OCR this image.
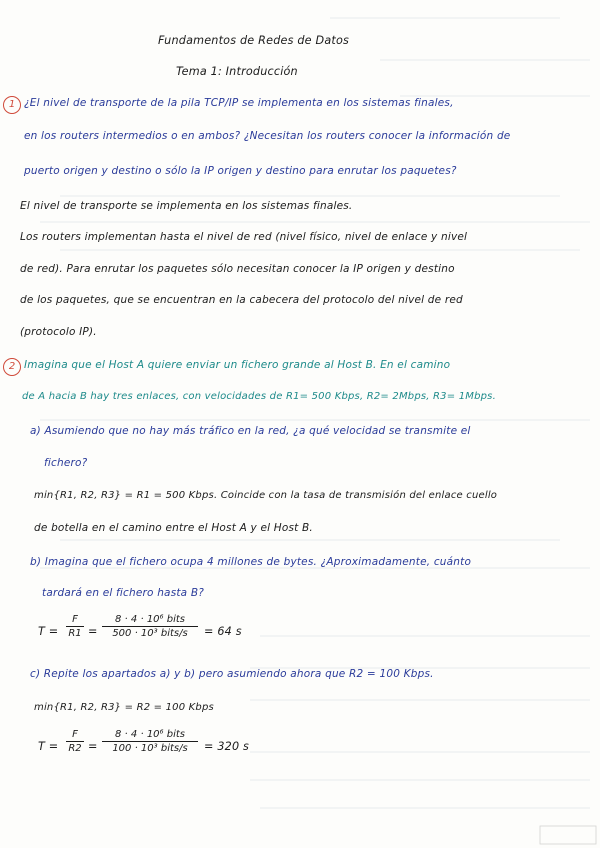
Fundamentos de Redes de Datos
Tema 1: Introducción
1 ¿El nivel de transporte de la pila TCP/IP se implementa en los sistemas finales,
en los routers intermedios o en ambos? ¿Necesitan los routers conocer la información de
puerto origen y destino o sólo la IP origen y destino para enrutar los paquetes?
El nivel de transporte se implementa en los sistemas finales.
Los routers implementan hasta el nivel de red (nivel físico, nivel de enlace y nivel
de red). Para enrutar los paquetes sólo necesitan conocer la IP origen y destino
de los paquetes, que se encuentran en la cabecera del protocolo del nivel de red
(protocolo IP).
2 Imagina que el Host A quiere enviar un fichero grande al Host B. En el camino
de A hacia B hay tres enlaces, con velocidades de R1= 500 Kbps, R2= 2Mbps, R3= 1Mbps.
a) Asumiendo que no hay más tráfico en la red, ¿a qué velocidad se transmite el
fichero?
min{R1, R2, R3} = R1 = 500 Kbps. Coincide con la tasa de transmisión del enlace cuello
de botella en el camino entre el Host A y el Host B.
b) Imagina que el fichero ocupa 4 millones de bytes. ¿Aproximadamente, cuánto
tardará en el fichero hasta B?
$T = \frac{F}{R1}$ =
8 · 4 · 10⁶ bits
500 · 10³ bits/s	= 64 s
c) Repite los apartados a) y b) pero asumiendo ahora que R2 = 100 Kbps.
min{R1, R2, R3} = R2 = 100 Kbps
$T = \frac{F}{R2}$ =
8 · 4 · 10⁶ bits
100 · 10³ bits/s	= 320 s
